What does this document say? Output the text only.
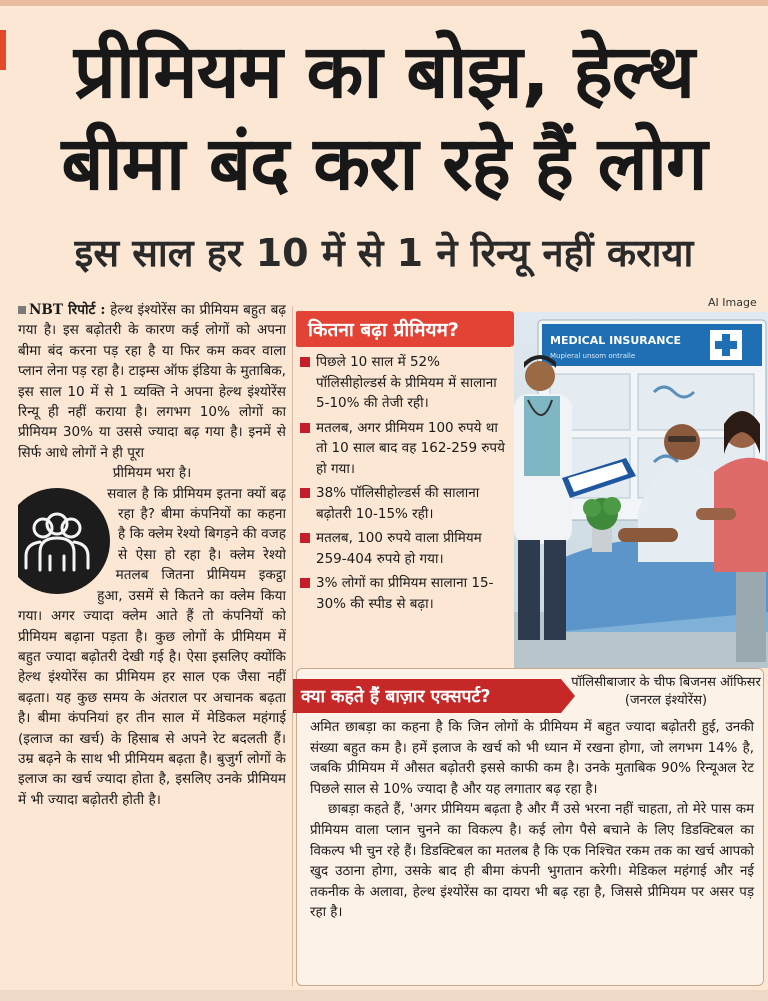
प्रीमियम का बोझ, हेल्थ
बीमा बंद करा रहे हैं लोग
इस साल हर 10 में से 1 ने रिन्यू नहीं कराया
AI Image

NBT रिपोर्ट : हेल्थ इंश्योरेंस का प्रीमियम बहुत बढ़ गया है। इस बढ़ोतरी के कारण कई लोगों को अपना बीमा बंद करना पड़ रहा है या फिर कम कवर वाला प्लान लेना पड़ रहा है। टाइम्स ऑफ इंडिया के मुताबिक, इस साल 10 में से 1 व्यक्ति ने अपना हेल्थ इंश्योरेंस रिन्यू ही नहीं कराया है। लगभग 10% लोगों का प्रीमियम 30% या उससे ज्यादा बढ़ गया है। इनमें से सिर्फ आधे लोगों ने ही पूरा

प्रीमियम भरा है।

सवाल है कि प्रीमियम इतना क्यों बढ़ रहा है? बीमा कंपनियों का कहना है कि क्लेम रेश्यो बिगड़ने की वजह से ऐसा हो रहा है। क्लेम रेश्यो मतलब जितना प्रीमियम इकट्ठा हुआ, उसमें से कितने का क्लेम किया गया। अगर ज्यादा क्लेम आते हैं तो कंपनियों को प्रीमियम बढ़ाना पड़ता है। कुछ लोगों के प्रीमियम में बहुत ज्यादा बढ़ोतरी देखी गई है। ऐसा इसलिए क्योंकि हेल्थ इंश्योरेंस का प्रीमियम हर साल एक जैसा नहीं बढ़ता। यह कुछ समय के अंतराल पर अचानक बढ़ता है। बीमा कंपनियां हर तीन साल में मेडिकल महंगाई (इलाज का खर्च) के हिसाब से अपने रेट बदलती हैं। उम्र बढ़ने के साथ भी प्रीमियम बढ़ता है। बुजुर्ग लोगों के इलाज का खर्च ज्यादा होता है, इसलिए उनके प्रीमियम में भी ज्यादा बढ़ोतरी होती है।

कितना बढ़ा प्रीमियम?
पिछले 10 साल में 52% पॉलिसीहोल्डर्स के प्रीमियम में सालाना 5-10% की तेजी रही।
मतलब, अगर प्रीमियम 100 रुपये था तो 10 साल बाद वह 162-259 रुपये हो गया।
38% पॉलिसीहोल्डर्स की सालाना बढ़ोतरी 10-15% रही।
मतलब, 100 रुपये वाला प्रीमियम 259-404 रुपये हो गया।
3% लोगों का प्रीमियम सालाना 15-30% की स्पीड से बढ़ा।
MEDICAL INSURANCE
Mupieral unsom ontralle
क्या कहते हैं बाज़ार एक्सपर्ट?
पॉलिसीबाजार के चीफ बिजनस ऑफिसर (जनरल इंश्योरेंस)

अमित छाबड़ा का कहना है कि जिन लोगों के प्रीमियम में बहुत ज्यादा बढ़ोतरी हुई, उनकी संख्या बहुत कम है। हमें इलाज के खर्च को भी ध्यान में रखना होगा, जो लगभग 14% है, जबकि प्रीमियम में औसत बढ़ोतरी इससे काफी कम है। उनके मुताबिक 90% रिन्यूअल रेट पिछले साल से 10% ज्यादा है और यह लगातार बढ़ रहा है।

छाबड़ा कहते हैं, 'अगर प्रीमियम बढ़ता है और मैं उसे भरना नहीं चाहता, तो मेरे पास कम प्रीमियम वाला प्लान चुनने का विकल्प है। कई लोग पैसे बचाने के लिए डिडक्टिबल का विकल्प भी चुन रहे हैं। डिडक्टिबल का मतलब है कि एक निश्चित रकम तक का खर्च आपको खुद उठाना होगा, उसके बाद ही बीमा कंपनी भुगतान करेगी। मेडिकल महंगाई और नई तकनीक के अलावा, हेल्थ इंश्योरेंस का दायरा भी बढ़ रहा है, जिससे प्रीमियम पर असर पड़ रहा है।
